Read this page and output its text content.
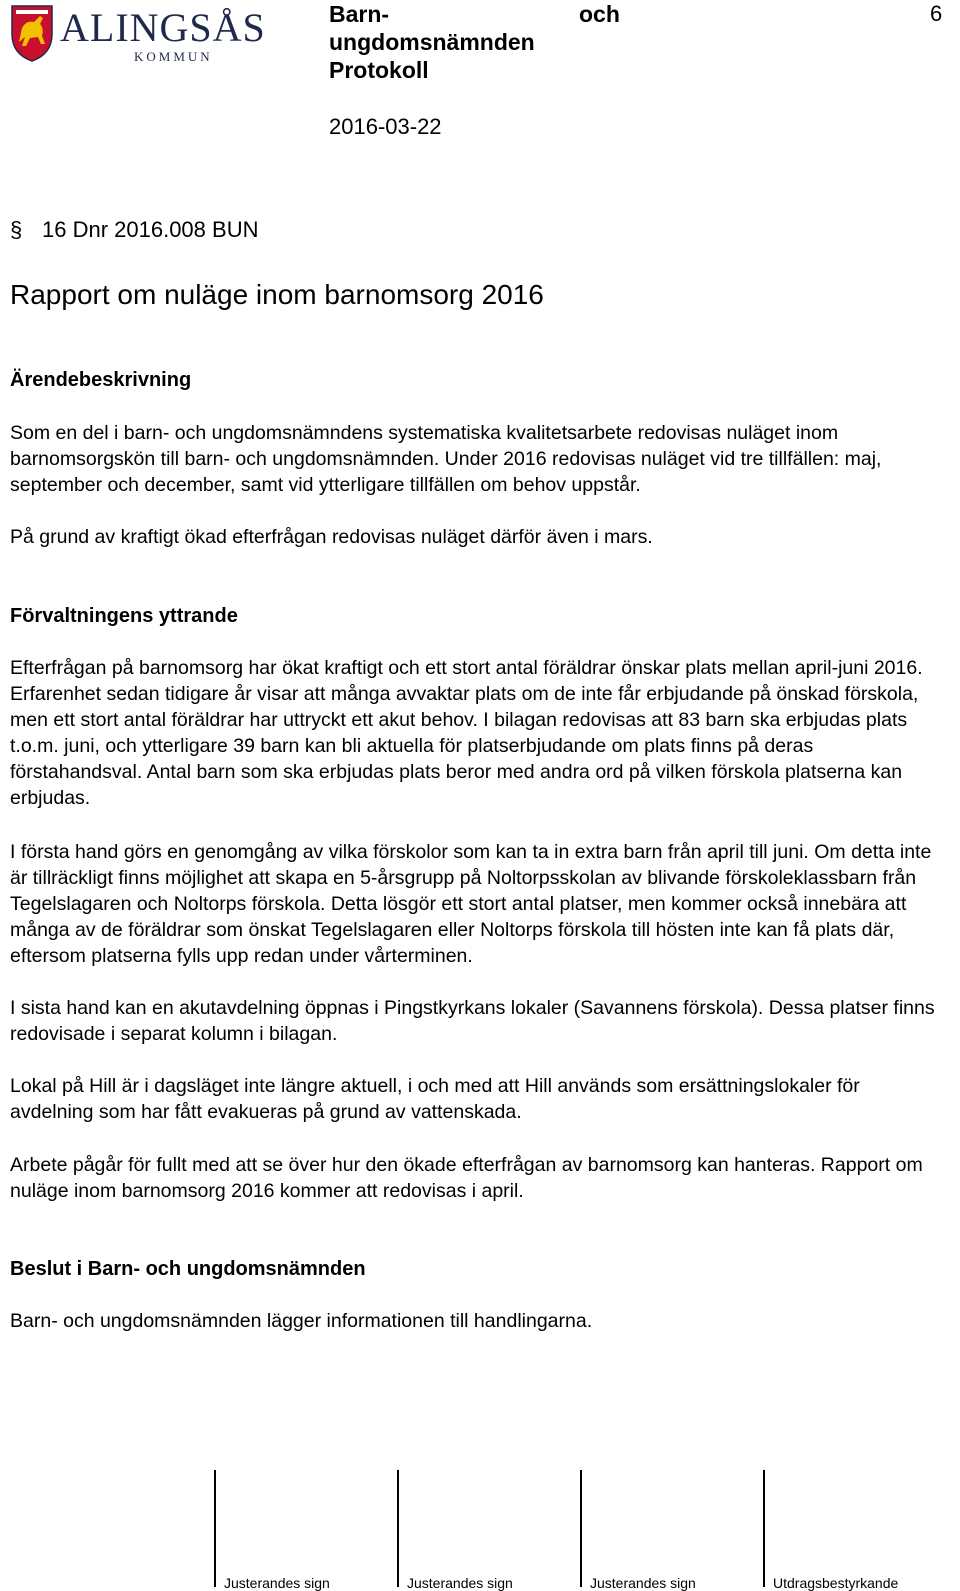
ALINGSÅS
KOMMUN
Barn-	och
ungdomsnämnden
Protokoll
2016-03-22
6
§ 16 Dnr 2016.008 BUN
Rapport om nuläge inom barnomsorg 2016
Ärendebeskrivning
Som en del i barn- och ungdomsnämndens systematiska kvalitetsarbete redovisas nuläget inom barnomsorgskön till barn- och ungdomsnämnden. Under 2016 redovisas nuläget vid tre tillfällen: maj, september och december, samt vid ytterligare tillfällen om behov uppstår.
På grund av kraftigt ökad efterfrågan redovisas nuläget därför även i mars.
Förvaltningens yttrande
Efterfrågan på barnomsorg har ökat kraftigt och ett stort antal föräldrar önskar plats mellan april-juni 2016. Erfarenhet sedan tidigare år visar att många avvaktar plats om de inte får erbjudande på önskad förskola, men ett stort antal föräldrar har uttryckt ett akut behov. I bilagan redovisas att 83 barn ska erbjudas plats t.o.m. juni, och ytterligare 39 barn kan bli aktuella för platserbjudande om plats finns på deras förstahandsval. Antal barn som ska erbjudas plats beror med andra ord på vilken förskola platserna kan erbjudas.
I första hand görs en genomgång av vilka förskolor som kan ta in extra barn från april till juni. Om detta inte är tillräckligt finns möjlighet att skapa en 5-årsgrupp på Noltorpsskolan av blivande förskoleklassbarn från Tegelslagaren och Noltorps förskola. Detta lösgör ett stort antal platser, men kommer också innebära att många av de föräldrar som önskat Tegelslagaren eller Noltorps förskola till hösten inte kan få plats där, eftersom platserna fylls upp redan under vårterminen.
I sista hand kan en akutavdelning öppnas i Pingstkyrkans lokaler (Savannens förskola). Dessa platser finns redovisade i separat kolumn i bilagan.
Lokal på Hill är i dagsläget inte längre aktuell, i och med att Hill används som ersättningslokaler för avdelning som har fått evakueras på grund av vattenskada.
Arbete pågår för fullt med att se över hur den ökade efterfrågan av barnomsorg kan hanteras. Rapport om nuläge inom barnomsorg 2016 kommer att redovisas i april.
Beslut i Barn- och ungdomsnämnden
Barn- och ungdomsnämnden lägger informationen till handlingarna.
Justerandes sign	Justerandes sign	Justerandes sign	Utdragsbestyrkande
